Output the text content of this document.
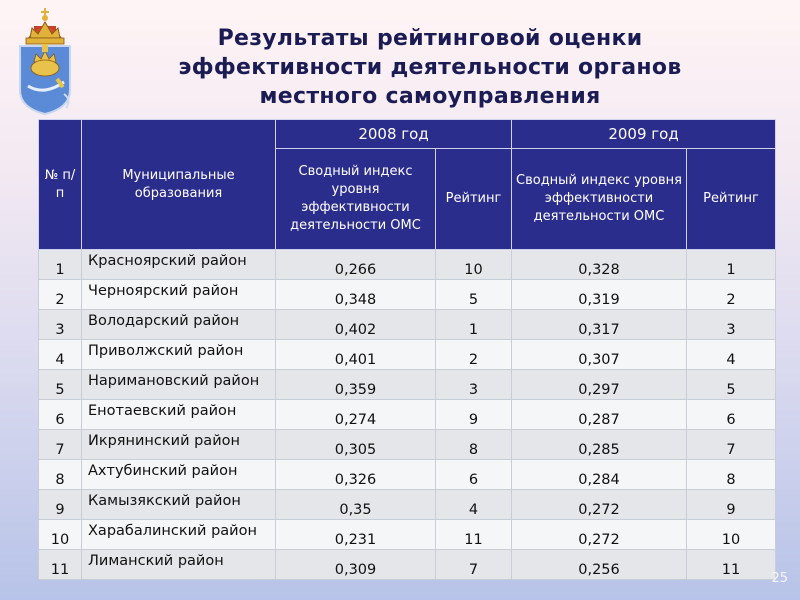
Результаты рейтинговой оценки
эффективности деятельности органов
местного самоуправления
№ п/п	Муниципальные образования	2008 год		2009 год	
		Сводный индекс уровня эффективности деятельности ОМС	Рейтинг	Сводный индекс уровня эффективности деятельности ОМС	Рейтинг
1	Красноярский район	0,266	10	0,328	1
2	Черноярский район	0,348	5	0,319	2
3	Володарский район	0,402	1	0,317	3
4	Приволжский район	0,401	2	0,307	4
5	Наримановский район	0,359	3	0,297	5
6	Енотаевский район	0,274	9	0,287	6
7	Икрянинский район	0,305	8	0,285	7
8	Ахтубинский район	0,326	6	0,284	8
9	Камызякский район	0,35	4	0,272	9
10	Харабалинский район	0,231	11	0,272	10
11	Лиманский район	0,309	7	0,256	11
25
